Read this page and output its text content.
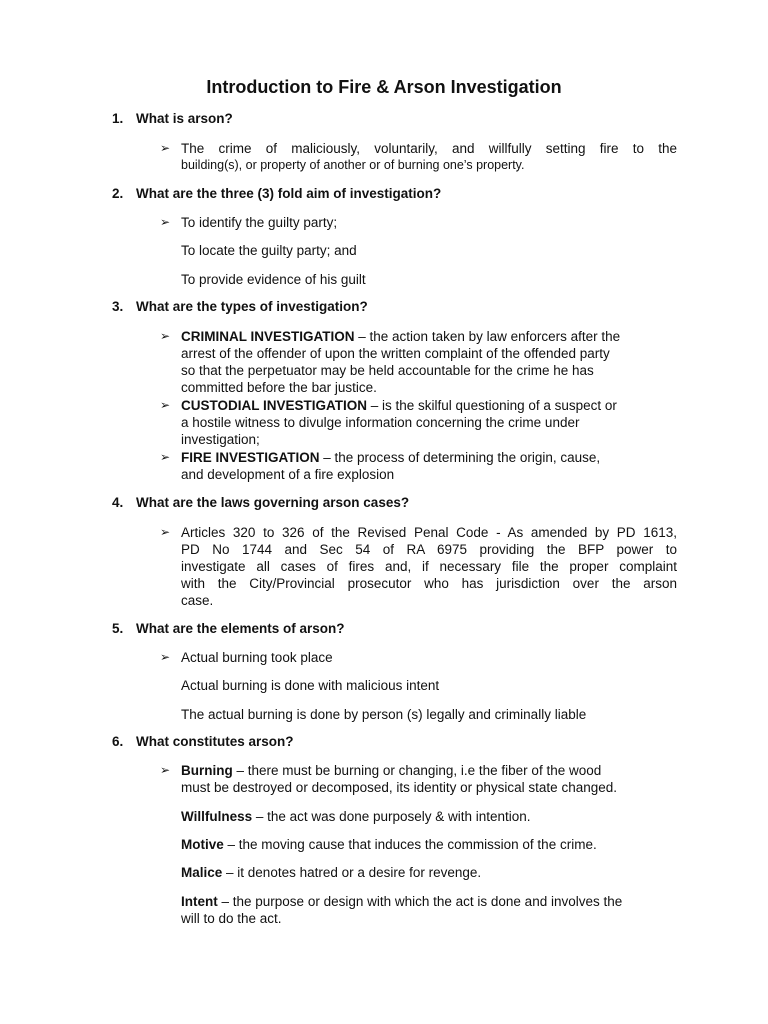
Introduction to Fire & Arson Investigation
1. What is arson?
➢ The crime of maliciously, voluntarily, and willfully setting fire to the
building(s), or property of another or of burning one’s property.
2. What are the three (3) fold aim of investigation?
➢ To identify the guilty party;
To locate the guilty party; and
To provide evidence of his guilt
3. What are the types of investigation?
➢ CRIMINAL INVESTIGATION – the action taken by law enforcers after the
arrest of the offender of upon the written complaint of the offended party
so that the perpetuator may be held accountable for the crime he has
committed before the bar justice.
➢ CUSTODIAL INVESTIGATION – is the skilful questioning of a suspect or
a hostile witness to divulge information concerning the crime under
investigation;
➢ FIRE INVESTIGATION – the process of determining the origin, cause,
and development of a fire explosion
4. What are the laws governing arson cases?
➢ Articles 320 to 326 of the Revised Penal Code - As amended by PD 1613,
PD No 1744 and Sec 54 of RA 6975 providing the BFP power to
investigate all cases of fires and, if necessary file the proper complaint
with the City/Provincial prosecutor who has jurisdiction over the arson
case.
5. What are the elements of arson?
➢ Actual burning took place
Actual burning is done with malicious intent
The actual burning is done by person (s) legally and criminally liable
6. What constitutes arson?
➢ Burning – there must be burning or changing, i.e the fiber of the wood
must be destroyed or decomposed, its identity or physical state changed.
Willfulness – the act was done purposely & with intention.
Motive – the moving cause that induces the commission of the crime.
Malice – it denotes hatred or a desire for revenge.
Intent – the purpose or design with which the act is done and involves the
will to do the act.
